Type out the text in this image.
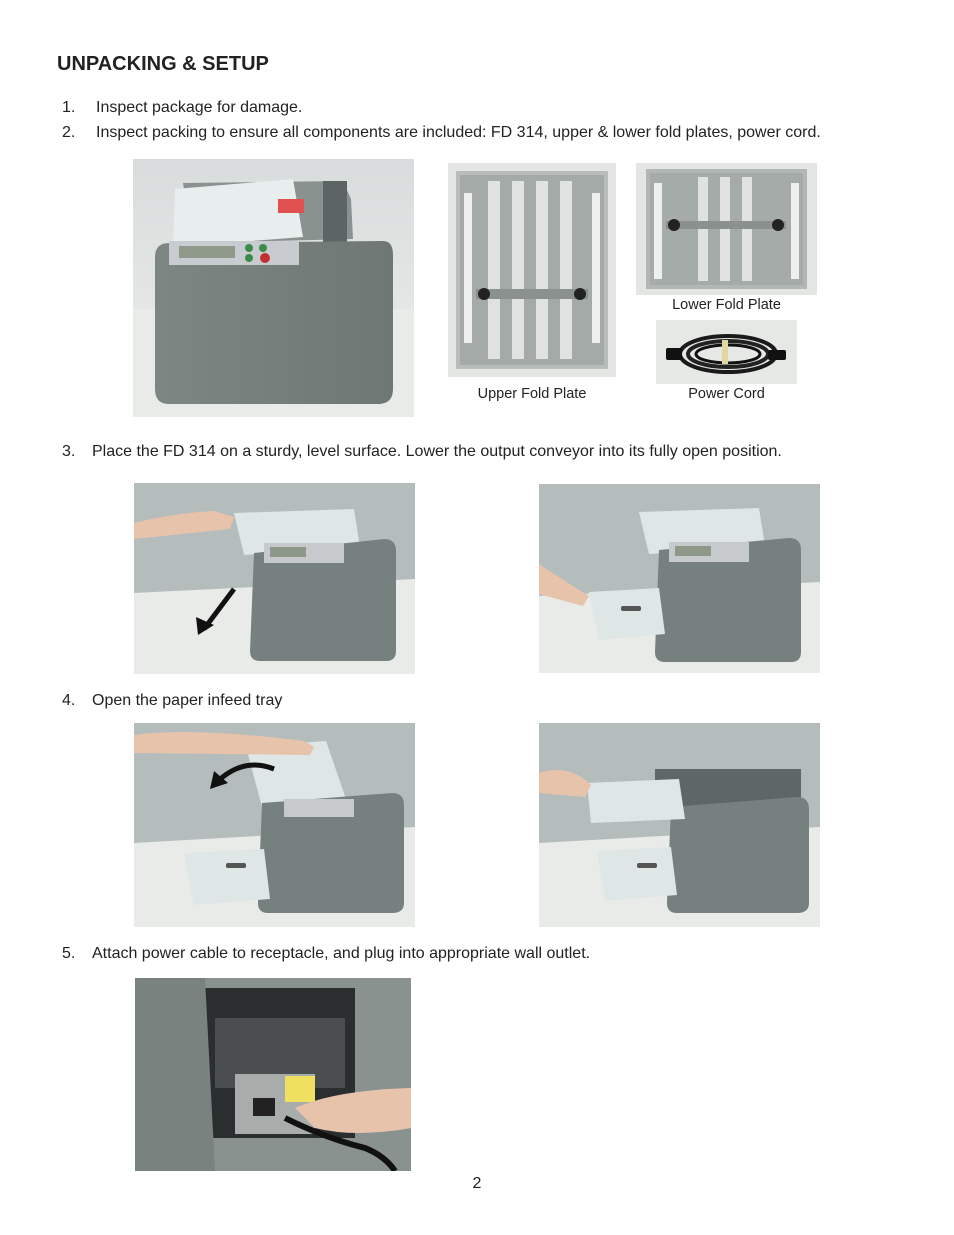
UNPACKING & SETUP
1. Inspect package for damage.
2. Inspect packing to ensure all components are included: FD 314, upper & lower fold plates, power cord.
Lower Fold Plate
Upper Fold Plate	Power Cord
3. Place the FD 314 on a sturdy, level surface. Lower the output conveyor into its fully open position.
4. Open the paper infeed tray
5. Attach power cable to receptacle, and plug into appropriate wall outlet.
2
